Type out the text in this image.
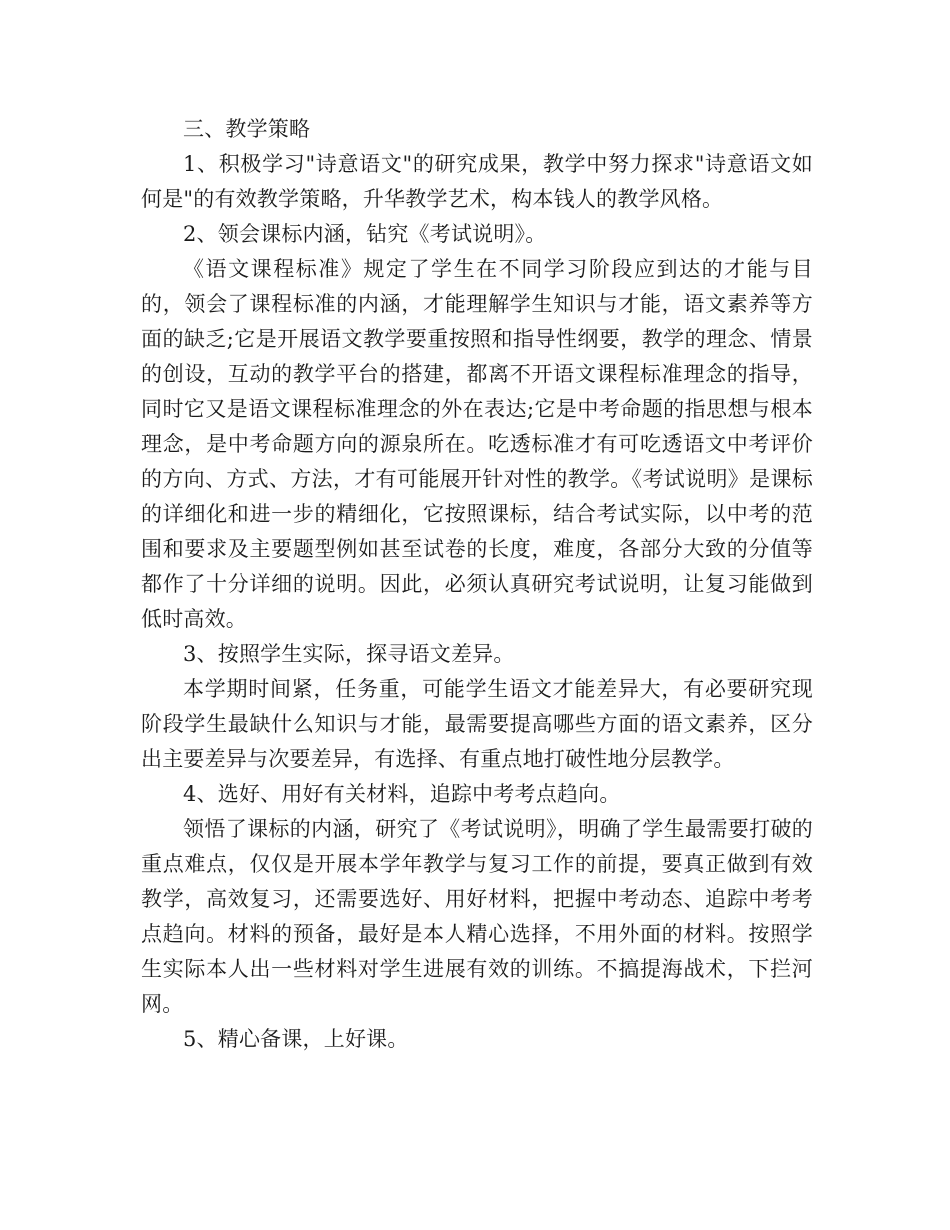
三、教学策略

1、积极学习"诗意语文"的研究成果，教学中努力探求"诗意语文如何是"的有效教学策略，升华教学艺术，构本钱人的教学风格。

2、领会课标内涵，钻究《考试说明》。

《语文课程标准》规定了学生在不同学习阶段应到达的才能与目的，领会了课程标准的内涵，才能理解学生知识与才能，语文素养等方面的缺乏;它是开展语文教学要重按照和指导性纲要，教学的理念、情景的创设，互动的教学平台的搭建，都离不开语文课程标准理念的指导，同时它又是语文课程标准理念的外在表达;它是中考命题的指思想与根本理念，是中考命题方向的源泉所在。吃透标准才有可吃透语文中考评价的方向、方式、方法，才有可能展开针对性的教学。《考试说明》是课标的详细化和进一步的精细化，它按照课标，结合考试实际，以中考的范围和要求及主要题型例如甚至试卷的长度，难度，各部分大致的分值等都作了十分详细的说明。因此，必须认真研究考试说明，让复习能做到低时高效。

3、按照学生实际，探寻语文差异。

本学期时间紧，任务重，可能学生语文才能差异大，有必要研究现阶段学生最缺什么知识与才能，最需要提高哪些方面的语文素养，区分出主要差异与次要差异，有选择、有重点地打破性地分层教学。

4、选好、用好有关材料，追踪中考考点趋向。

领悟了课标的内涵，研究了《考试说明》，明确了学生最需要打破的重点难点，仅仅是开展本学年教学与复习工作的前提，要真正做到有效教学，高效复习，还需要选好、用好材料，把握中考动态、追踪中考考点趋向。材料的预备，最好是本人精心选择，不用外面的材料。按照学生实际本人出一些材料对学生进展有效的训练。不搞提海战术，下拦河网。

5、精心备课，上好课。
